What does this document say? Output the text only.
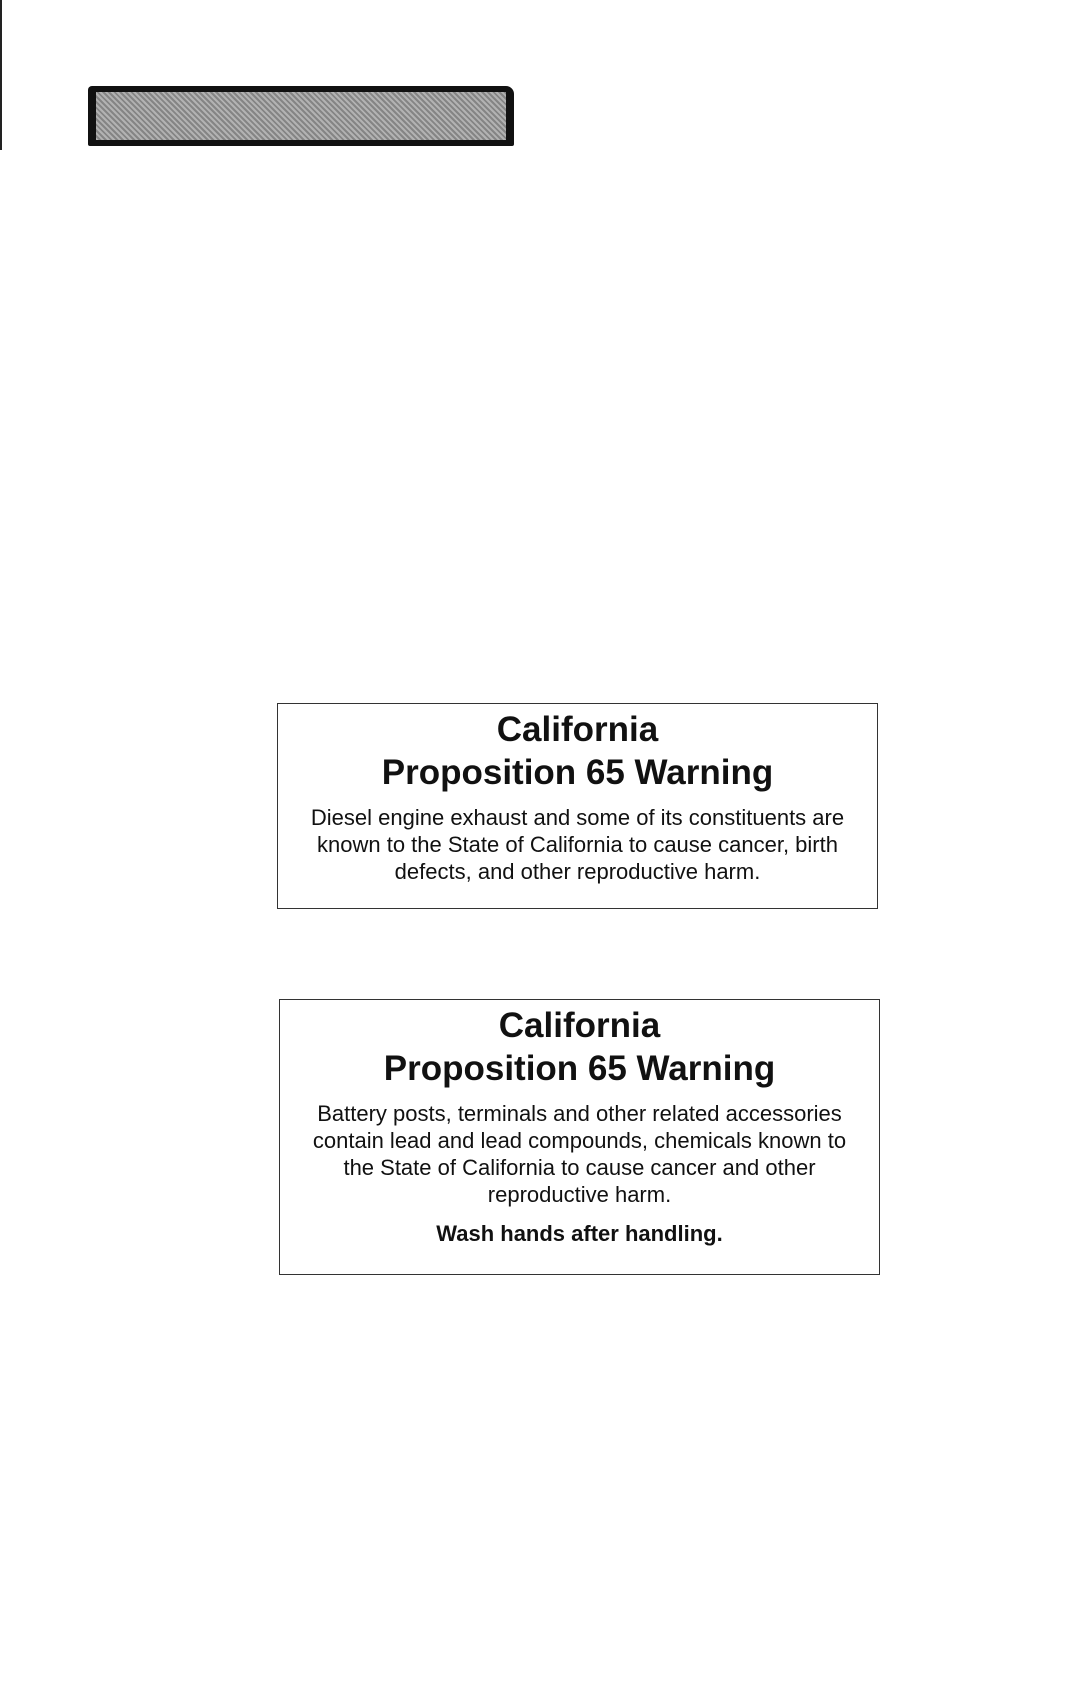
California
Proposition 65 Warning
Diesel engine exhaust and some of its constituents are known to the State of California to cause cancer, birth defects, and other reproductive harm.
California
Proposition 65 Warning
Battery posts, terminals and other related accessories contain lead and lead compounds, chemicals known to the State of California to cause cancer and other reproductive harm.
Wash hands after handling.
